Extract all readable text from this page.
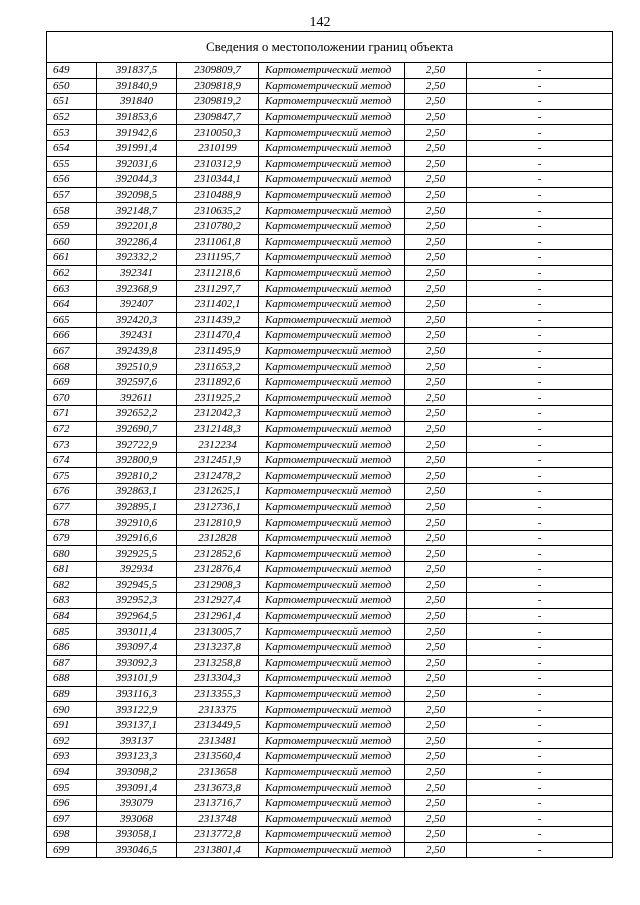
142
Сведения о местоположении границ объекта					
649	391837,5	2309809,7	Картометрический метод	2,50	-
650	391840,9	2309818,9	Картометрический метод	2,50	-
651	391840	2309819,2	Картометрический метод	2,50	-
652	391853,6	2309847,7	Картометрический метод	2,50	-
653	391942,6	2310050,3	Картометрический метод	2,50	-
654	391991,4	2310199	Картометрический метод	2,50	-
655	392031,6	2310312,9	Картометрический метод	2,50	-
656	392044,3	2310344,1	Картометрический метод	2,50	-
657	392098,5	2310488,9	Картометрический метод	2,50	-
658	392148,7	2310635,2	Картометрический метод	2,50	-
659	392201,8	2310780,2	Картометрический метод	2,50	-
660	392286,4	2311061,8	Картометрический метод	2,50	-
661	392332,2	2311195,7	Картометрический метод	2,50	-
662	392341	2311218,6	Картометрический метод	2,50	-
663	392368,9	2311297,7	Картометрический метод	2,50	-
664	392407	2311402,1	Картометрический метод	2,50	-
665	392420,3	2311439,2	Картометрический метод	2,50	-
666	392431	2311470,4	Картометрический метод	2,50	-
667	392439,8	2311495,9	Картометрический метод	2,50	-
668	392510,9	2311653,2	Картометрический метод	2,50	-
669	392597,6	2311892,6	Картометрический метод	2,50	-
670	392611	2311925,2	Картометрический метод	2,50	-
671	392652,2	2312042,3	Картометрический метод	2,50	-
672	392690,7	2312148,3	Картометрический метод	2,50	-
673	392722,9	2312234	Картометрический метод	2,50	-
674	392800,9	2312451,9	Картометрический метод	2,50	-
675	392810,2	2312478,2	Картометрический метод	2,50	-
676	392863,1	2312625,1	Картометрический метод	2,50	-
677	392895,1	2312736,1	Картометрический метод	2,50	-
678	392910,6	2312810,9	Картометрический метод	2,50	-
679	392916,6	2312828	Картометрический метод	2,50	-
680	392925,5	2312852,6	Картометрический метод	2,50	-
681	392934	2312876,4	Картометрический метод	2,50	-
682	392945,5	2312908,3	Картометрический метод	2,50	-
683	392952,3	2312927,4	Картометрический метод	2,50	-
684	392964,5	2312961,4	Картометрический метод	2,50	-
685	393011,4	2313005,7	Картометрический метод	2,50	-
686	393097,4	2313237,8	Картометрический метод	2,50	-
687	393092,3	2313258,8	Картометрический метод	2,50	-
688	393101,9	2313304,3	Картометрический метод	2,50	-
689	393116,3	2313355,3	Картометрический метод	2,50	-
690	393122,9	2313375	Картометрический метод	2,50	-
691	393137,1	2313449,5	Картометрический метод	2,50	-
692	393137	2313481	Картометрический метод	2,50	-
693	393123,3	2313560,4	Картометрический метод	2,50	-
694	393098,2	2313658	Картометрический метод	2,50	-
695	393091,4	2313673,8	Картометрический метод	2,50	-
696	393079	2313716,7	Картометрический метод	2,50	-
697	393068	2313748	Картометрический метод	2,50	-
698	393058,1	2313772,8	Картометрический метод	2,50	-
699	393046,5	2313801,4	Картометрический метод	2,50	-
